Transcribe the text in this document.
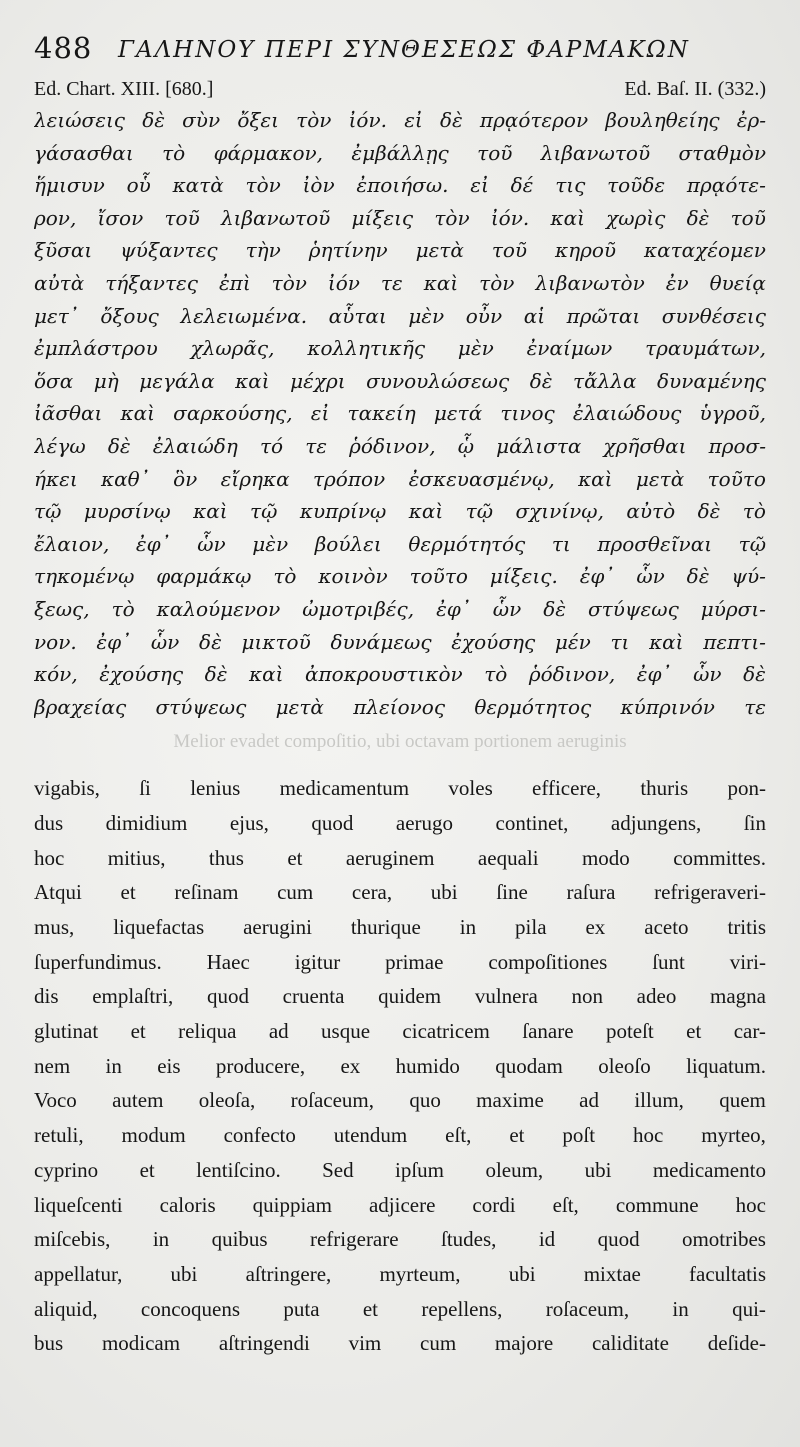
488 ΓΑΛΗΝΟΥ ΠΕΡΙ ΣΥΝΘΕΣΕΩΣ ΦΑΡΜΑΚΩΝ
Ed. Chart. XIII. [680.]	Ed. Baſ. II. (332.)
λειώσεις δὲ σὺν ὄξει τὸν ἰόν. εἰ δὲ πρᾳότερον βουληθείης ἐρ-
γάσασθαι τὸ φάρμακον, ἐμβάλλῃς τοῦ λιβανωτοῦ σταθμὸν
ἥμισυν οὗ κατὰ τὸν ἰὸν ἐποιήσω. εἰ δέ τις τοῦδε πρᾳότε-
ρον, ἴσον τοῦ λιβανωτοῦ μίξεις τὸν ἰόν. καὶ χωρὶς δὲ τοῦ
ξῦσαι ψύξαντες τὴν ῥητίνην μετὰ τοῦ κηροῦ καταχέομεν
αὐτὰ τήξαντες ἐπὶ τὸν ἰόν τε καὶ τὸν λιβανωτὸν ἐν θυείᾳ
μετ᾽ ὄξους λελειωμένα. αὗται μὲν οὖν αἱ πρῶται συνθέσεις
ἐμπλάστρου χλωρᾶς, κολλητικῆς μὲν ἐναίμων τραυμάτων,
ὅσα μὴ μεγάλα καὶ μέχρι συνουλώσεως δὲ τἄλλα δυναμένης
ἰᾶσθαι καὶ σαρκούσης, εἰ τακείη μετά τινος ἐλαιώδους ὑγροῦ,
λέγω δὲ ἐλαιώδη τό τε ῥόδινον, ᾧ μάλιστα χρῆσθαι προσ-
ήκει καθ᾽ ὃν εἴρηκα τρόπον ἐσκευασμένῳ, καὶ μετὰ τοῦτο
τῷ μυρσίνῳ καὶ τῷ κυπρίνῳ καὶ τῷ σχινίνῳ, αὐτὸ δὲ τὸ
ἔλαιον, ἐφ᾽ ὧν μὲν βούλει θερμότητός τι προσθεῖναι τῷ
τηκομένῳ φαρμάκῳ τὸ κοινὸν τοῦτο μίξεις. ἐφ᾽ ὧν δὲ ψύ-
ξεως, τὸ καλούμενον ὠμοτριβές, ἐφ᾽ ὧν δὲ στύψεως μύρσι-
νον. ἐφ᾽ ὧν δὲ μικτοῦ δυνάμεως ἐχούσης μέν τι καὶ πεπτι-
κόν, ἐχούσης δὲ καὶ ἀποκρουστικὸν τὸ ῥόδινον, ἐφ᾽ ὧν δὲ
βραχείας στύψεως μετὰ πλείονος θερμότητος κύπρινόν τε
Melior evadet compoſitio, ubi octavam portionem aeruginis
vigabis, ſi lenius medicamentum voles efficere, thuris pon-
dus dimidium ejus, quod aerugo continet, adjungens, ſin
hoc mitius, thus et aeruginem aequali modo committes.
Atqui et reſinam cum cera, ubi ſine raſura refrigeraveri-
mus, liquefactas aerugini thurique in pila ex aceto tritis
ſuperfundimus. Haec igitur primae compoſitiones ſunt viri-
dis emplaſtri, quod cruenta quidem vulnera non adeo magna
glutinat et reliqua ad usque cicatricem ſanare poteſt et car-
nem in eis producere, ex humido quodam oleoſo liquatum.
Voco autem oleoſa, roſaceum, quo maxime ad illum, quem
retuli, modum confecto utendum eſt, et poſt hoc myrteo,
cyprino et lentiſcino. Sed ipſum oleum, ubi medicamento
liqueſcenti caloris quippiam adjicere cordi eſt, commune hoc
miſcebis, in quibus refrigerare ſtudes, id quod omotribes
appellatur, ubi aſtringere, myrteum, ubi mixtae facultatis
aliquid, concoquens puta et repellens, roſaceum, in qui-
bus modicam aſtringendi vim cum majore caliditate deſide-
